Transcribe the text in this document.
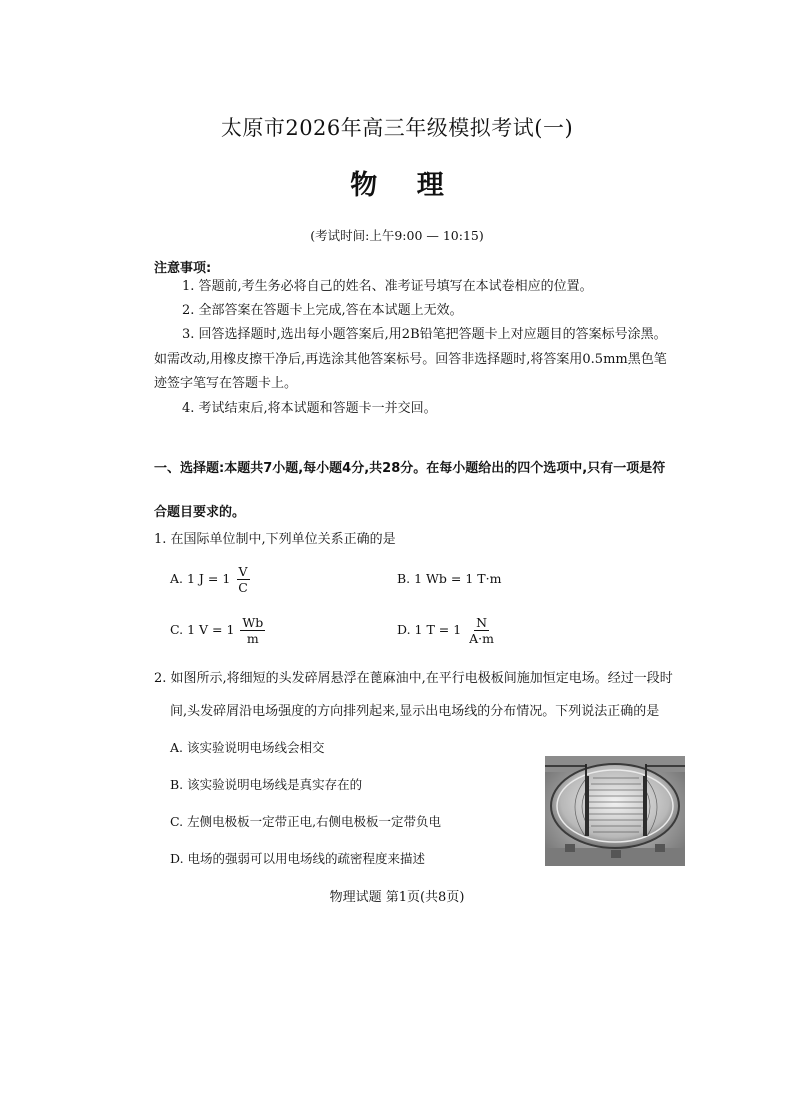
太原市2026年高三年级模拟考试(一)
物 理
(考试时间:上午9:00 — 10:15)
注意事项:
1. 答题前,考生务必将自己的姓名、准考证号填写在本试卷相应的位置。
2. 全部答案在答题卡上完成,答在本试题上无效。
3. 回答选择题时,选出每小题答案后,用2B铅笔把答题卡上对应题目的答案标号涂黑。
如需改动,用橡皮擦干净后,再选涂其他答案标号。回答非选择题时,将答案用0.5mm黑色笔
迹签字笔写在答题卡上。
4. 考试结束后,将本试题和答题卡一并交回。
一、选择题:本题共7小题,每小题4分,共28分。在每小题给出的四个选项中,只有一项是符
合题目要求的。
1. 在国际单位制中,下列单位关系正确的是
A. 1 $J = 1 \frac{V}{C}$	B. 1 Wb = 1 T·m
C. 1 $V = 1 \frac{Wb}{m}$	D. 1 $T = 1 \frac{N}{A\cdot m}$
2. 如图所示,将细短的头发碎屑悬浮在蓖麻油中,在平行电极板间施加恒定电场。经过一段时
间,头发碎屑沿电场强度的方向排列起来,显示出电场线的分布情况。下列说法正确的是
A. 该实验说明电场线会相交
B. 该实验说明电场线是真实存在的
C. 左侧电极板一定带正电,右侧电极板一定带负电
D. 电场的强弱可以用电场线的疏密程度来描述
物理试题 第1页(共8页)
